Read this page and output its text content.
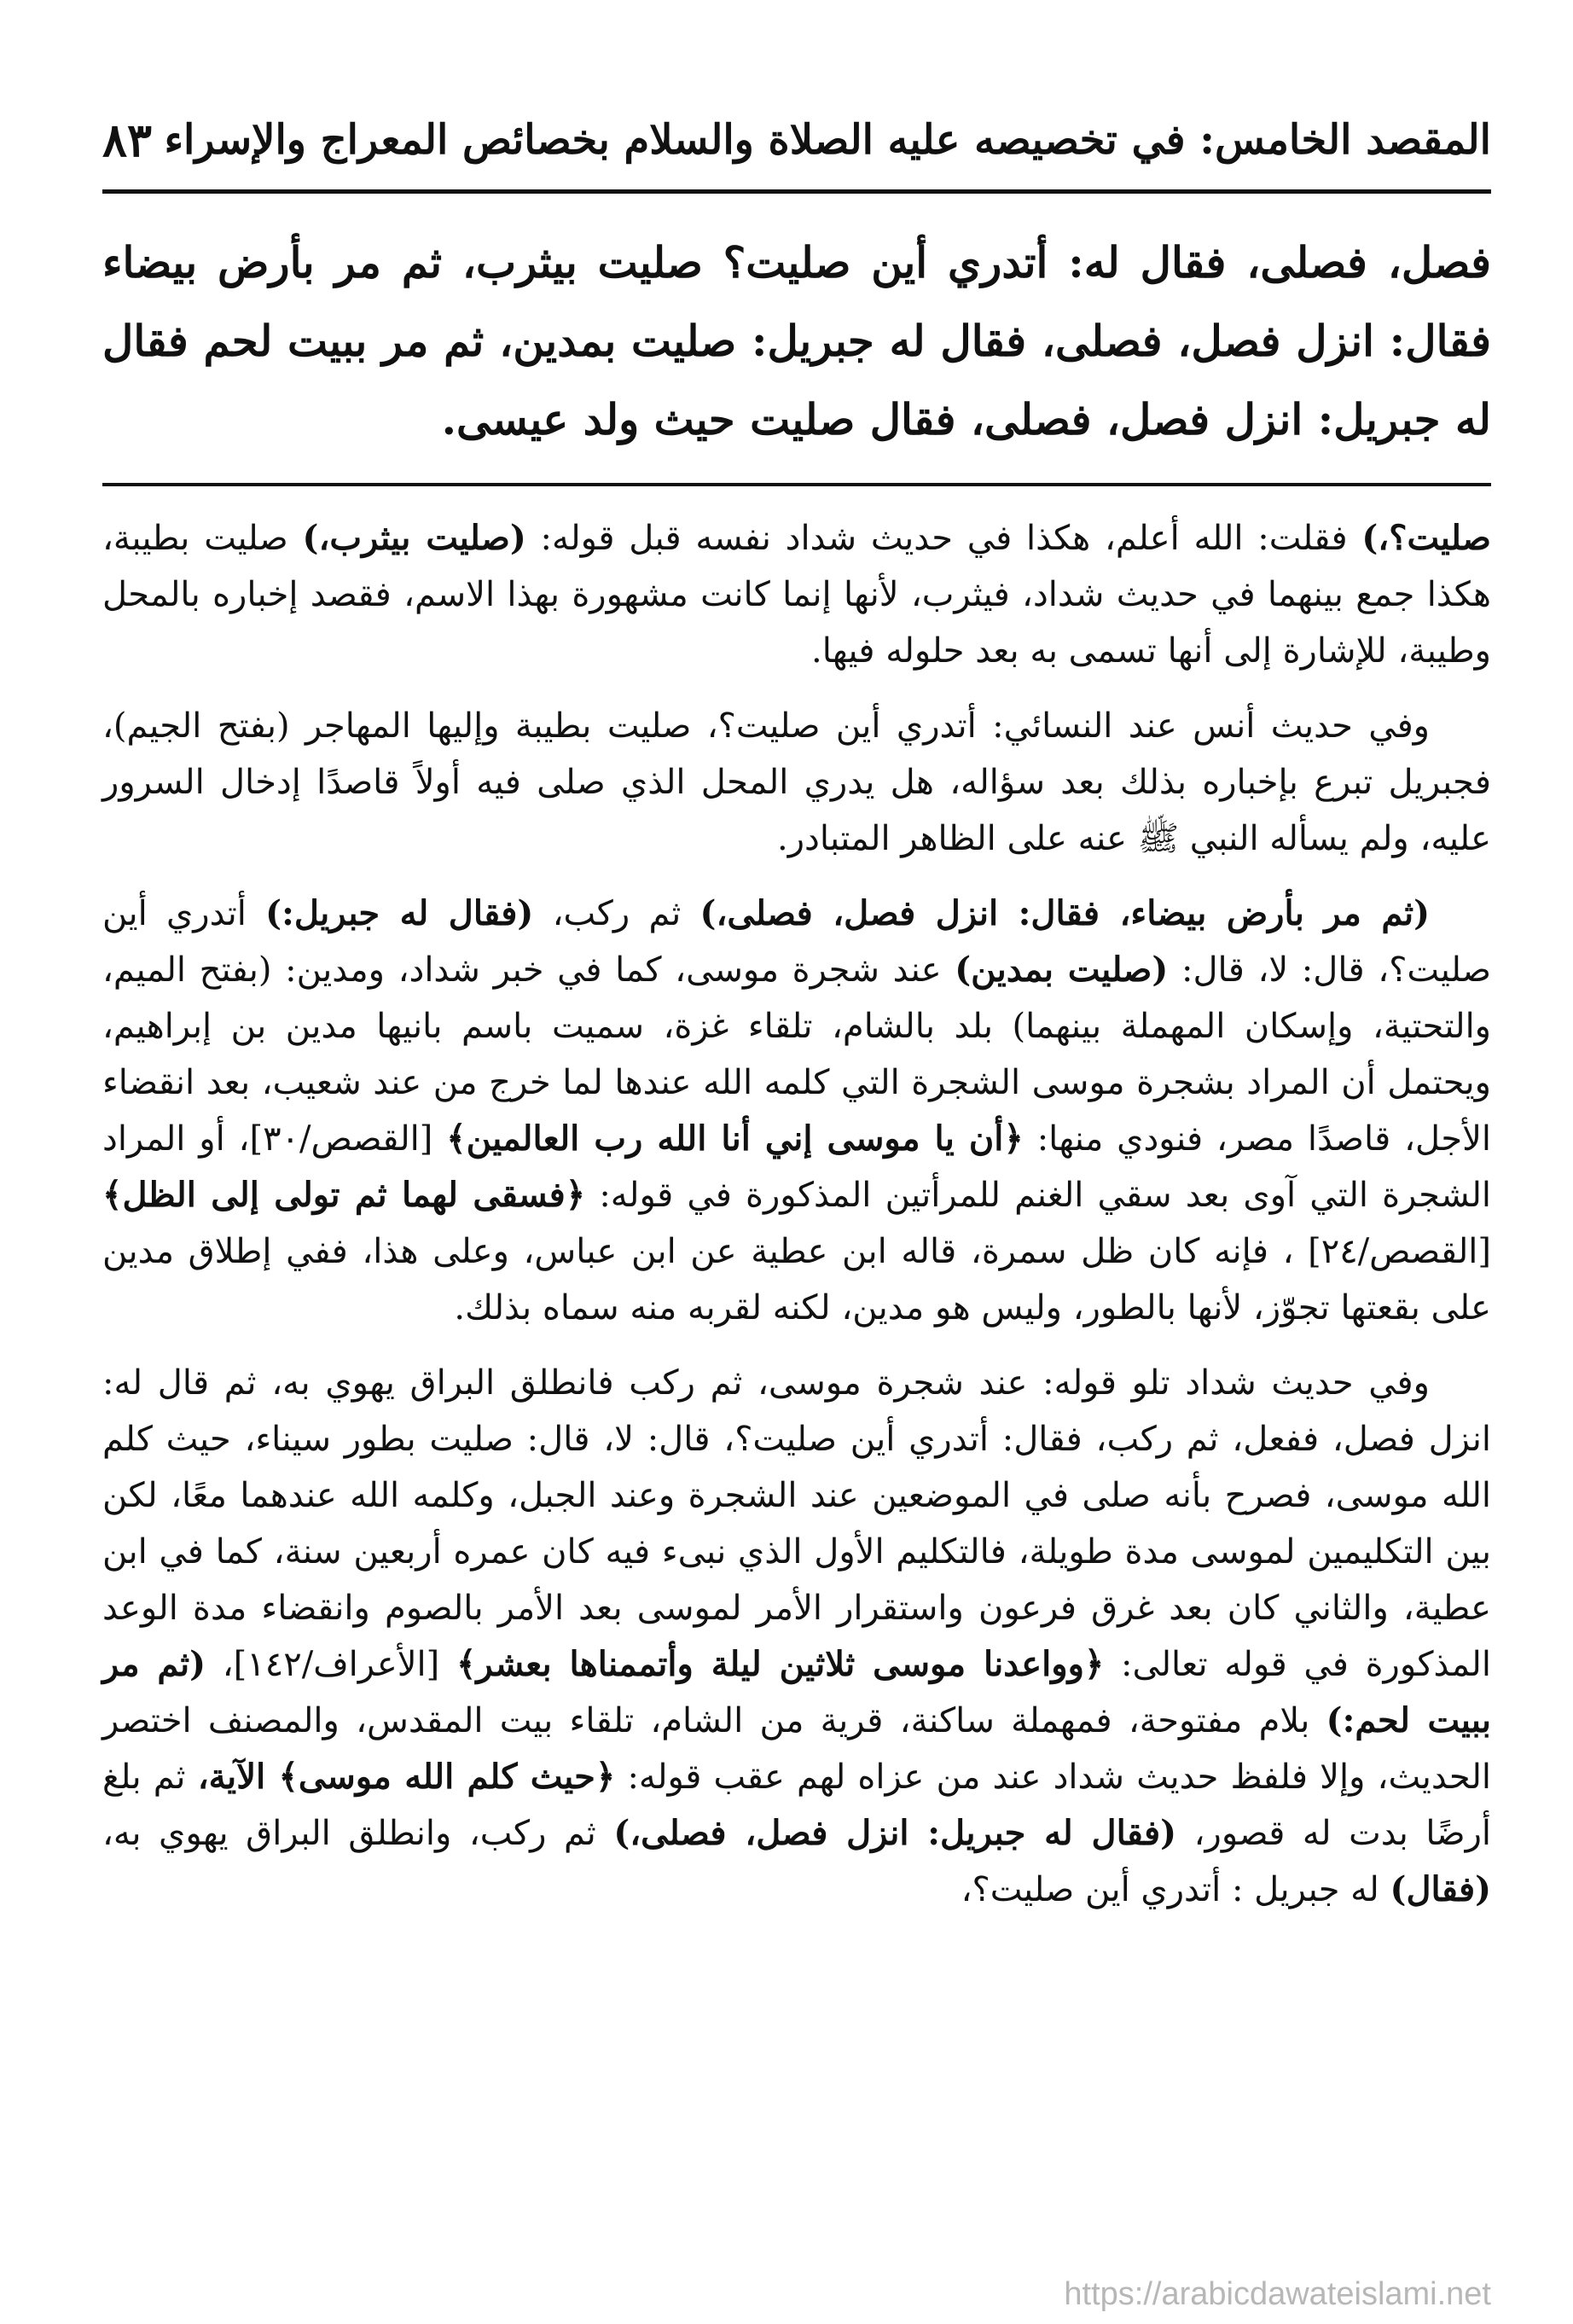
المقصد الخامس: في تخصيصه عليه الصلاة والسلام بخصائص المعراج والإسراء
٨٣

فصل، فصلى، فقال له: أتدري أين صليت؟ صليت بيثرب، ثم مر بأرض بيضاء فقال: انزل فصل، فصلى، فقال له جبريل: صليت بمدين، ثم مر ببيت لحم فقال له جبريل: انزل فصل، فصلى، فقال صليت حيث ولد عيسى.

صليت؟،) فقلت: الله أعلم، هكذا في حديث شداد نفسه قبل قوله: (صليت بيثرب،) صليت بطيبة، هكذا جمع بينهما في حديث شداد، فيثرب، لأنها إنما كانت مشهورة بهذا الاسم، فقصد إخباره بالمحل وطيبة، للإشارة إلى أنها تسمى به بعد حلوله فيها.

وفي حديث أنس عند النسائي: أتدري أين صليت؟، صليت بطيبة وإليها المهاجر (بفتح الجيم)، فجبريل تبرع بإخباره بذلك بعد سؤاله، هل يدري المحل الذي صلى فيه أولاً قاصدًا إدخال السرور عليه، ولم يسأله النبي ﷺ عنه على الظاهر المتبادر.

(ثم مر بأرض بيضاء، فقال: انزل فصل، فصلى،) ثم ركب، (فقال له جبريل:) أتدري أين صليت؟، قال: لا، قال: (صليت بمدين) عند شجرة موسى، كما في خبر شداد، ومدين: (بفتح الميم، والتحتية، وإسكان المهملة بينهما) بلد بالشام، تلقاء غزة، سميت باسم بانيها مدين بن إبراهيم، ويحتمل أن المراد بشجرة موسى الشجرة التي كلمه الله عندها لما خرج من عند شعيب، بعد انقضاء الأجل، قاصدًا مصر، فنودي منها: ﴿أن يا موسى إني أنا الله رب العالمين﴾ [القصص/٣٠]، أو المراد الشجرة التي آوى بعد سقي الغنم للمرأتين المذكورة في قوله: ﴿فسقى لهما ثم تولى إلى الظل﴾ [القصص/٢٤] ، فإنه كان ظل سمرة، قاله ابن عطية عن ابن عباس، وعلى هذا، ففي إطلاق مدين على بقعتها تجوّز، لأنها بالطور، وليس هو مدين، لكنه لقربه منه سماه بذلك.

وفي حديث شداد تلو قوله: عند شجرة موسى، ثم ركب فانطلق البراق يهوي به، ثم قال له: انزل فصل، ففعل، ثم ركب، فقال: أتدري أين صليت؟، قال: لا، قال: صليت بطور سيناء، حيث كلم الله موسى، فصرح بأنه صلى في الموضعين عند الشجرة وعند الجبل، وكلمه الله عندهما معًا، لكن بين التكليمين لموسى مدة طويلة، فالتكليم الأول الذي نبىء فيه كان عمره أربعين سنة، كما في ابن عطية، والثاني كان بعد غرق فرعون واستقرار الأمر لموسى بعد الأمر بالصوم وانقضاء مدة الوعد المذكورة في قوله تعالى: ﴿وواعدنا موسى ثلاثين ليلة وأتممناها بعشر﴾ [الأعراف/١٤٢]، (ثم مر ببيت لحم:) بلام مفتوحة، فمهملة ساكنة، قرية من الشام، تلقاء بيت المقدس، والمصنف اختصر الحديث، وإلا فلفظ حديث شداد عند من عزاه لهم عقب قوله: ﴿حيث كلم الله موسى﴾ الآية، ثم بلغ أرضًا بدت له قصور، (فقال له جبريل: انزل فصل، فصلى،) ثم ركب، وانطلق البراق يهوي به، (فقال) له جبريل : أتدري أين صليت؟،

https://arabicdawateislami.net
